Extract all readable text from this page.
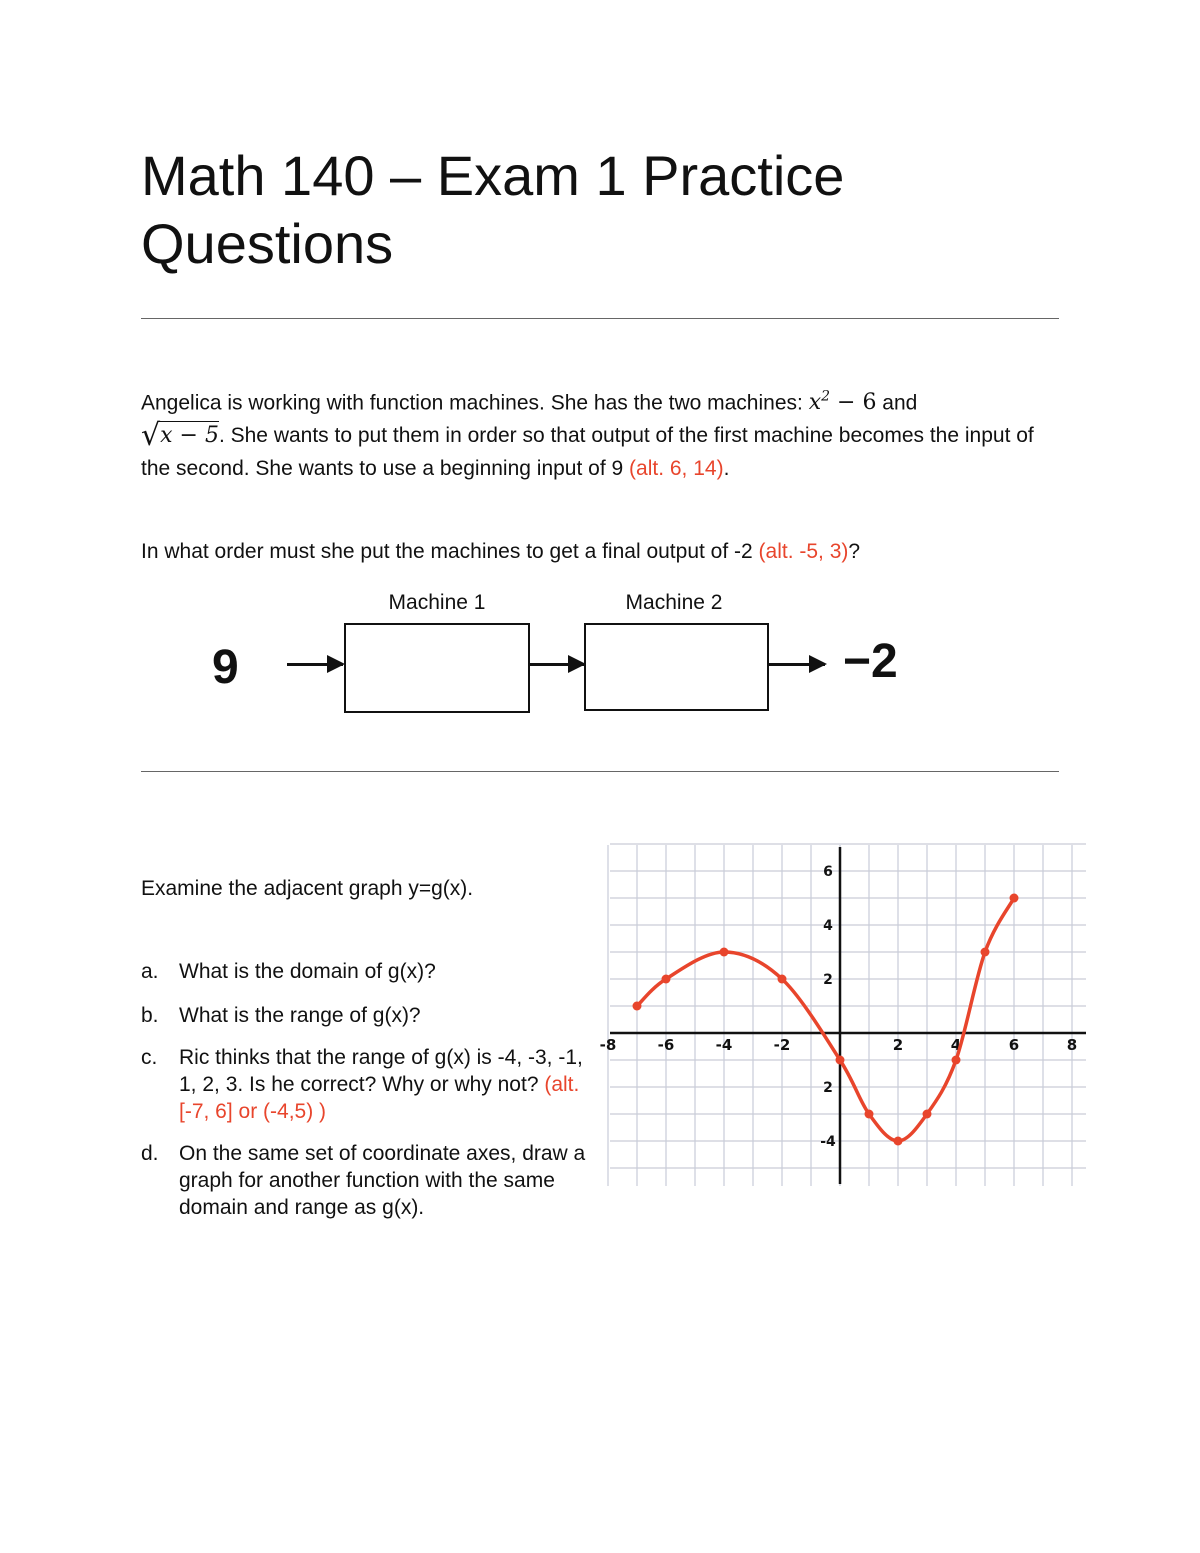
Math 140 – Exam 1 Practice Questions
Angelica is working with function machines. She has the two machines: $x^2 - 6$ and
√x − 5. She wants to put them in order so that output of the first machine becomes the input of the second. She wants to use a beginning input of 9 (alt. 6, 14).
In what order must she put the machines to get a final output of -2 (alt. -5, 3)?
Machine 1	Machine 2
9	−2
Examine the adjacent graph y=g(x).
a. What is the domain of g(x)?
b. What is the range of g(x)?
c. Ric thinks that the range of g(x) is -4, -3, -1, 1, 2, 3. Is he correct? Why or why not? (alt. [-7, 6] or (-4,5) )
d. On the same set of coordinate axes, draw a graph for another function with the same domain and range as g(x).
-8	-6	-4	-2	2	4	6	8
6
4
2
2
-4
